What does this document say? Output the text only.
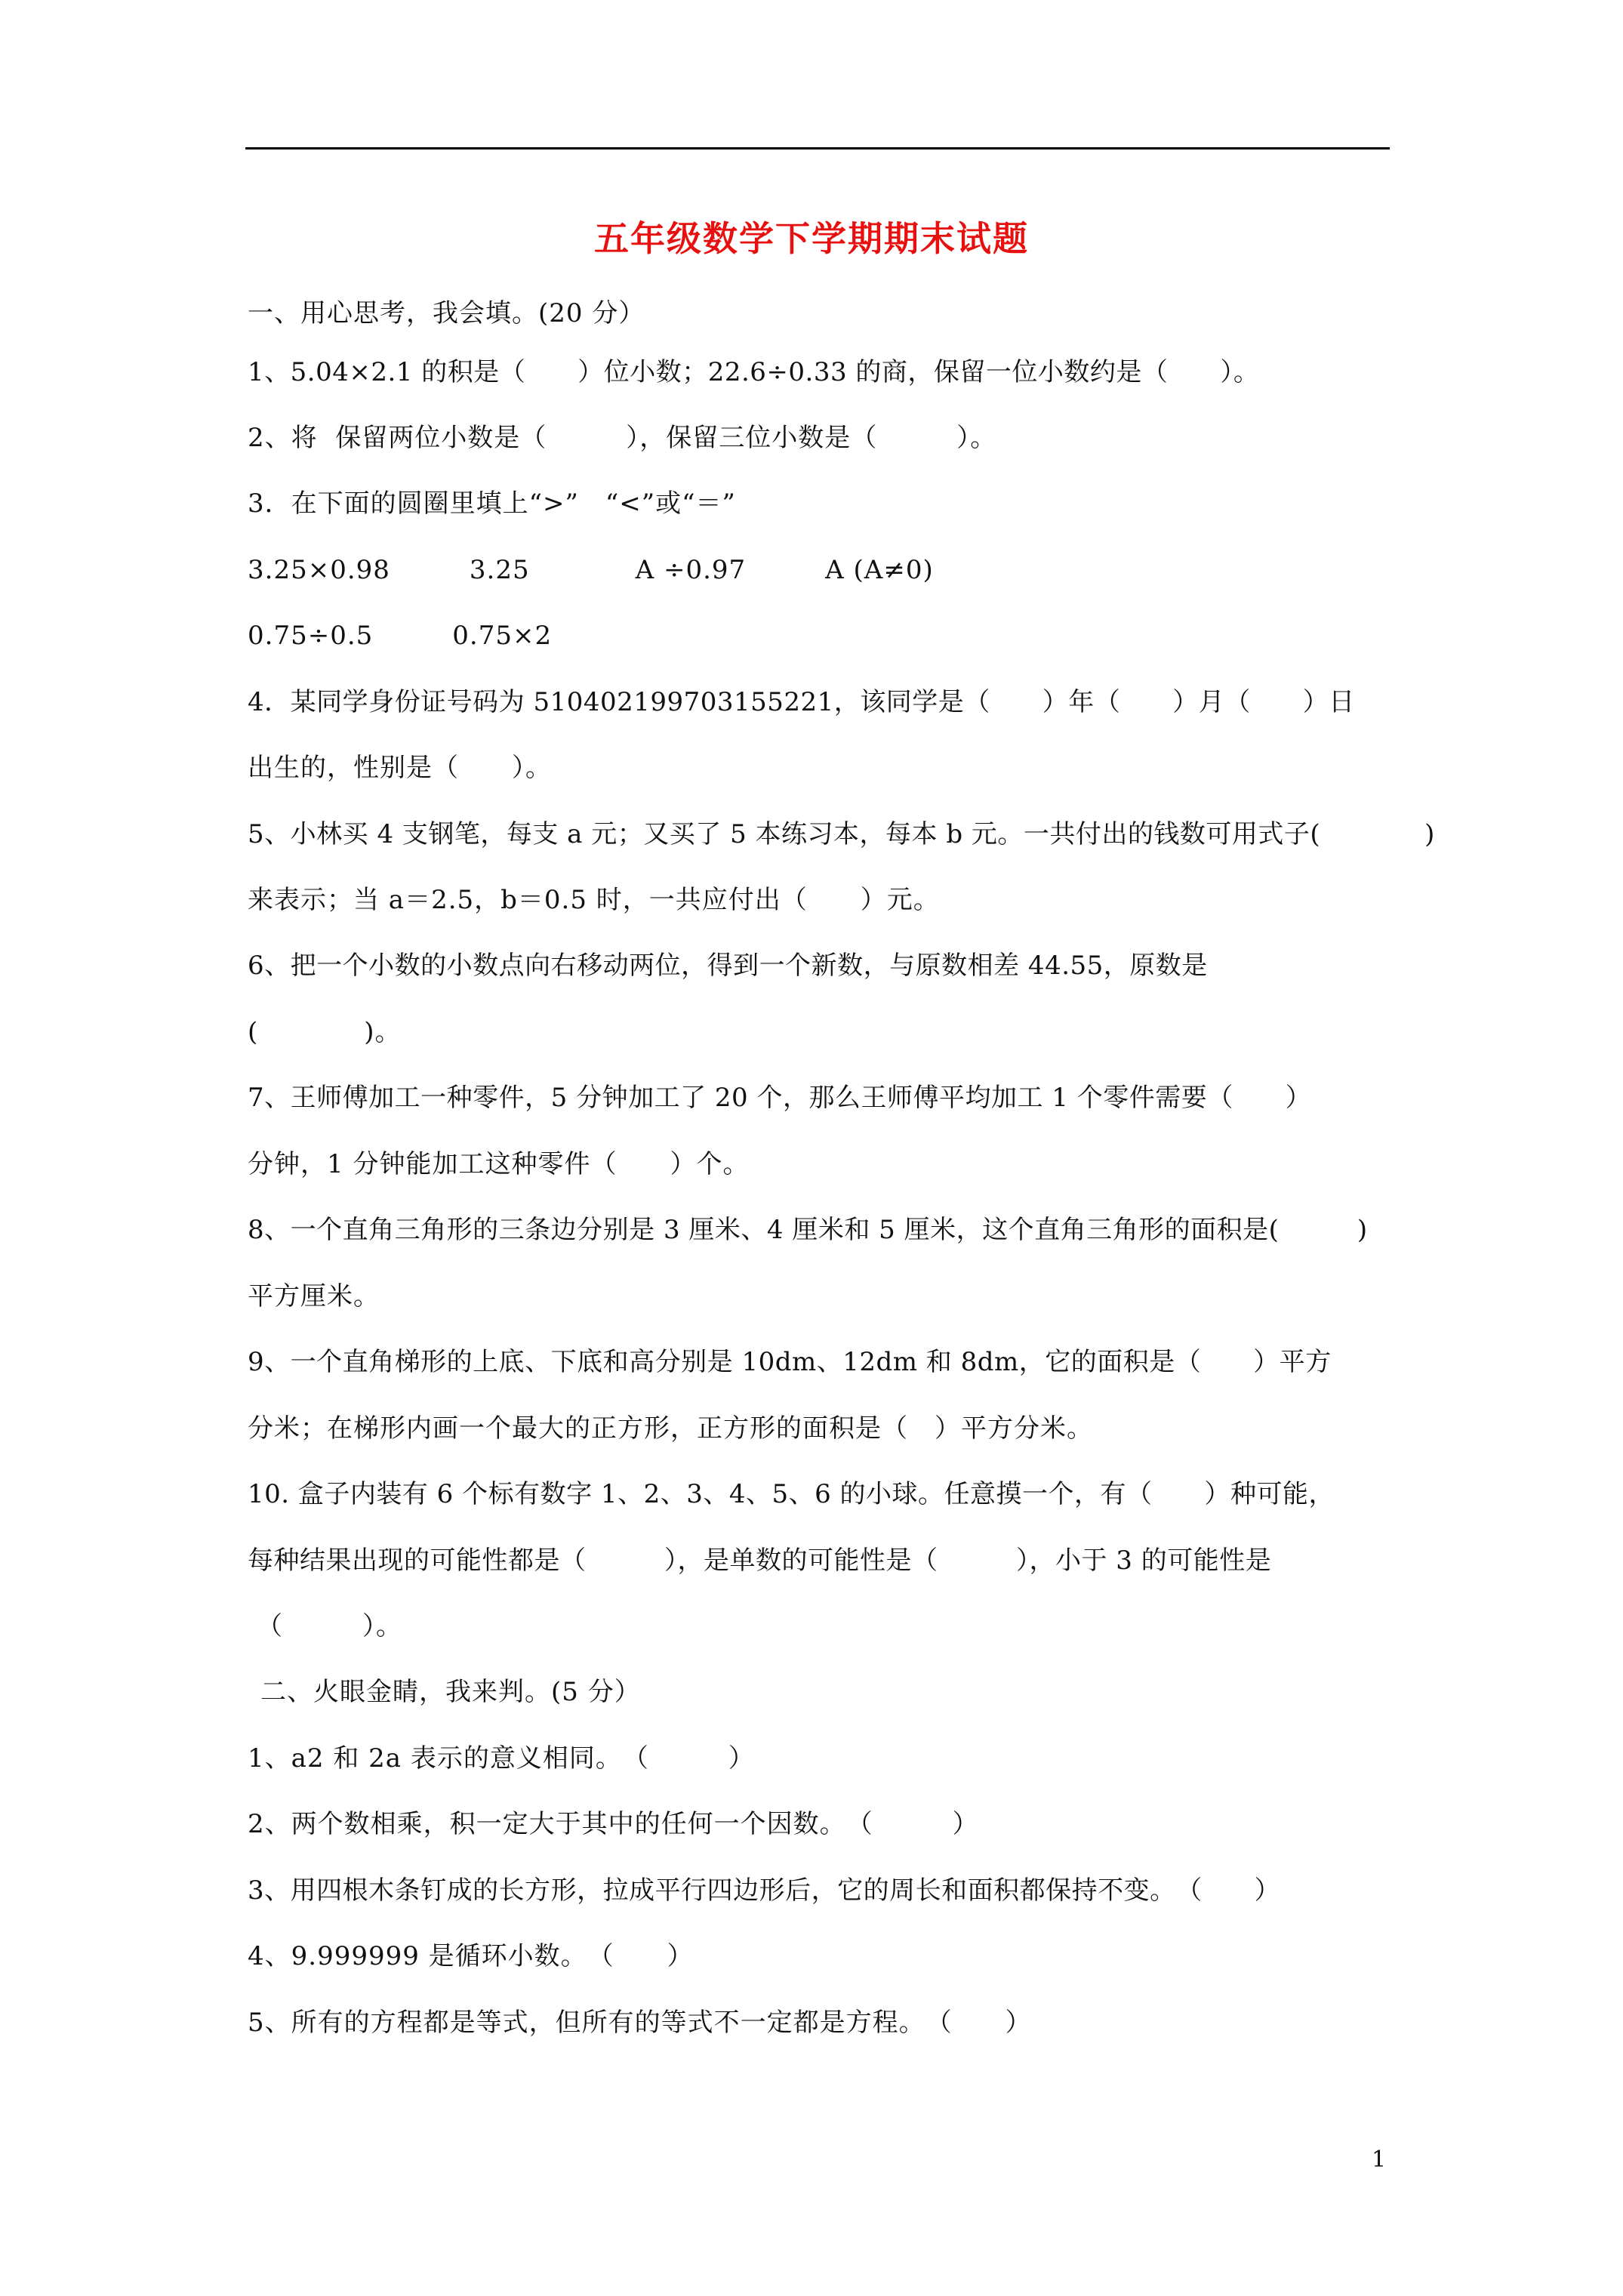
五年级数学下学期期末试题
一、用心思考，我会填。(20 分）
1、5.04×2.1 的积是（　　）位小数；22.6÷0.33 的商，保留一位小数约是（　　）。
2、将  保留两位小数是（　　　），保留三位小数是（　　　）。
3．在下面的圆圈里填上“>”　“<”或“＝”
3.25×0.98　　　3.25　　　　A ÷0.97　　　A (A≠0)
0.75÷0.5　　　0.75×2
4．某同学身份证号码为 510402199703155221，该同学是（　　）年（　　）月（　　）日
出生的，性别是（　　）。
5、小林买 4 支钢笔，每支 a 元；又买了 5 本练习本，每本 b 元。一共付出的钱数可用式子(　　　　)
来表示；当 a＝2.5，b＝0.5 时，一共应付出（　　）元。
6、把一个小数的小数点向右移动两位，得到一个新数，与原数相差 44.55，原数是
(　　　　)。
7、王师傅加工一种零件，5 分钟加工了 20 个，那么王师傅平均加工 1 个零件需要（　　）
分钟，1 分钟能加工这种零件（　　）个。
8、一个直角三角形的三条边分别是 3 厘米、4 厘米和 5 厘米，这个直角三角形的面积是(　　　)
平方厘米。
9、一个直角梯形的上底、下底和高分别是 10dm、12dm 和 8dm，它的面积是（　　）平方
分米；在梯形内画一个最大的正方形，正方形的面积是（　）平方分米。
10. 盒子内装有 6 个标有数字 1、2、3、4、5、6 的小球。任意摸一个，有（　　）种可能，
每种结果出现的可能性都是（　　　），是单数的可能性是（　　　），小于 3 的可能性是
（　　　）。
二、火眼金睛，我来判。(5 分）
1、a2 和 2a 表示的意义相同。　（　　　）
2、两个数相乘，积一定大于其中的任何一个因数。　（　　　）
3、用四根木条钉成的长方形，拉成平行四边形后，它的周长和面积都保持不变。　（　　）
4、9.999999 是循环小数。　（　　）
5、所有的方程都是等式，但所有的等式不一定都是方程。　（　　）
1
